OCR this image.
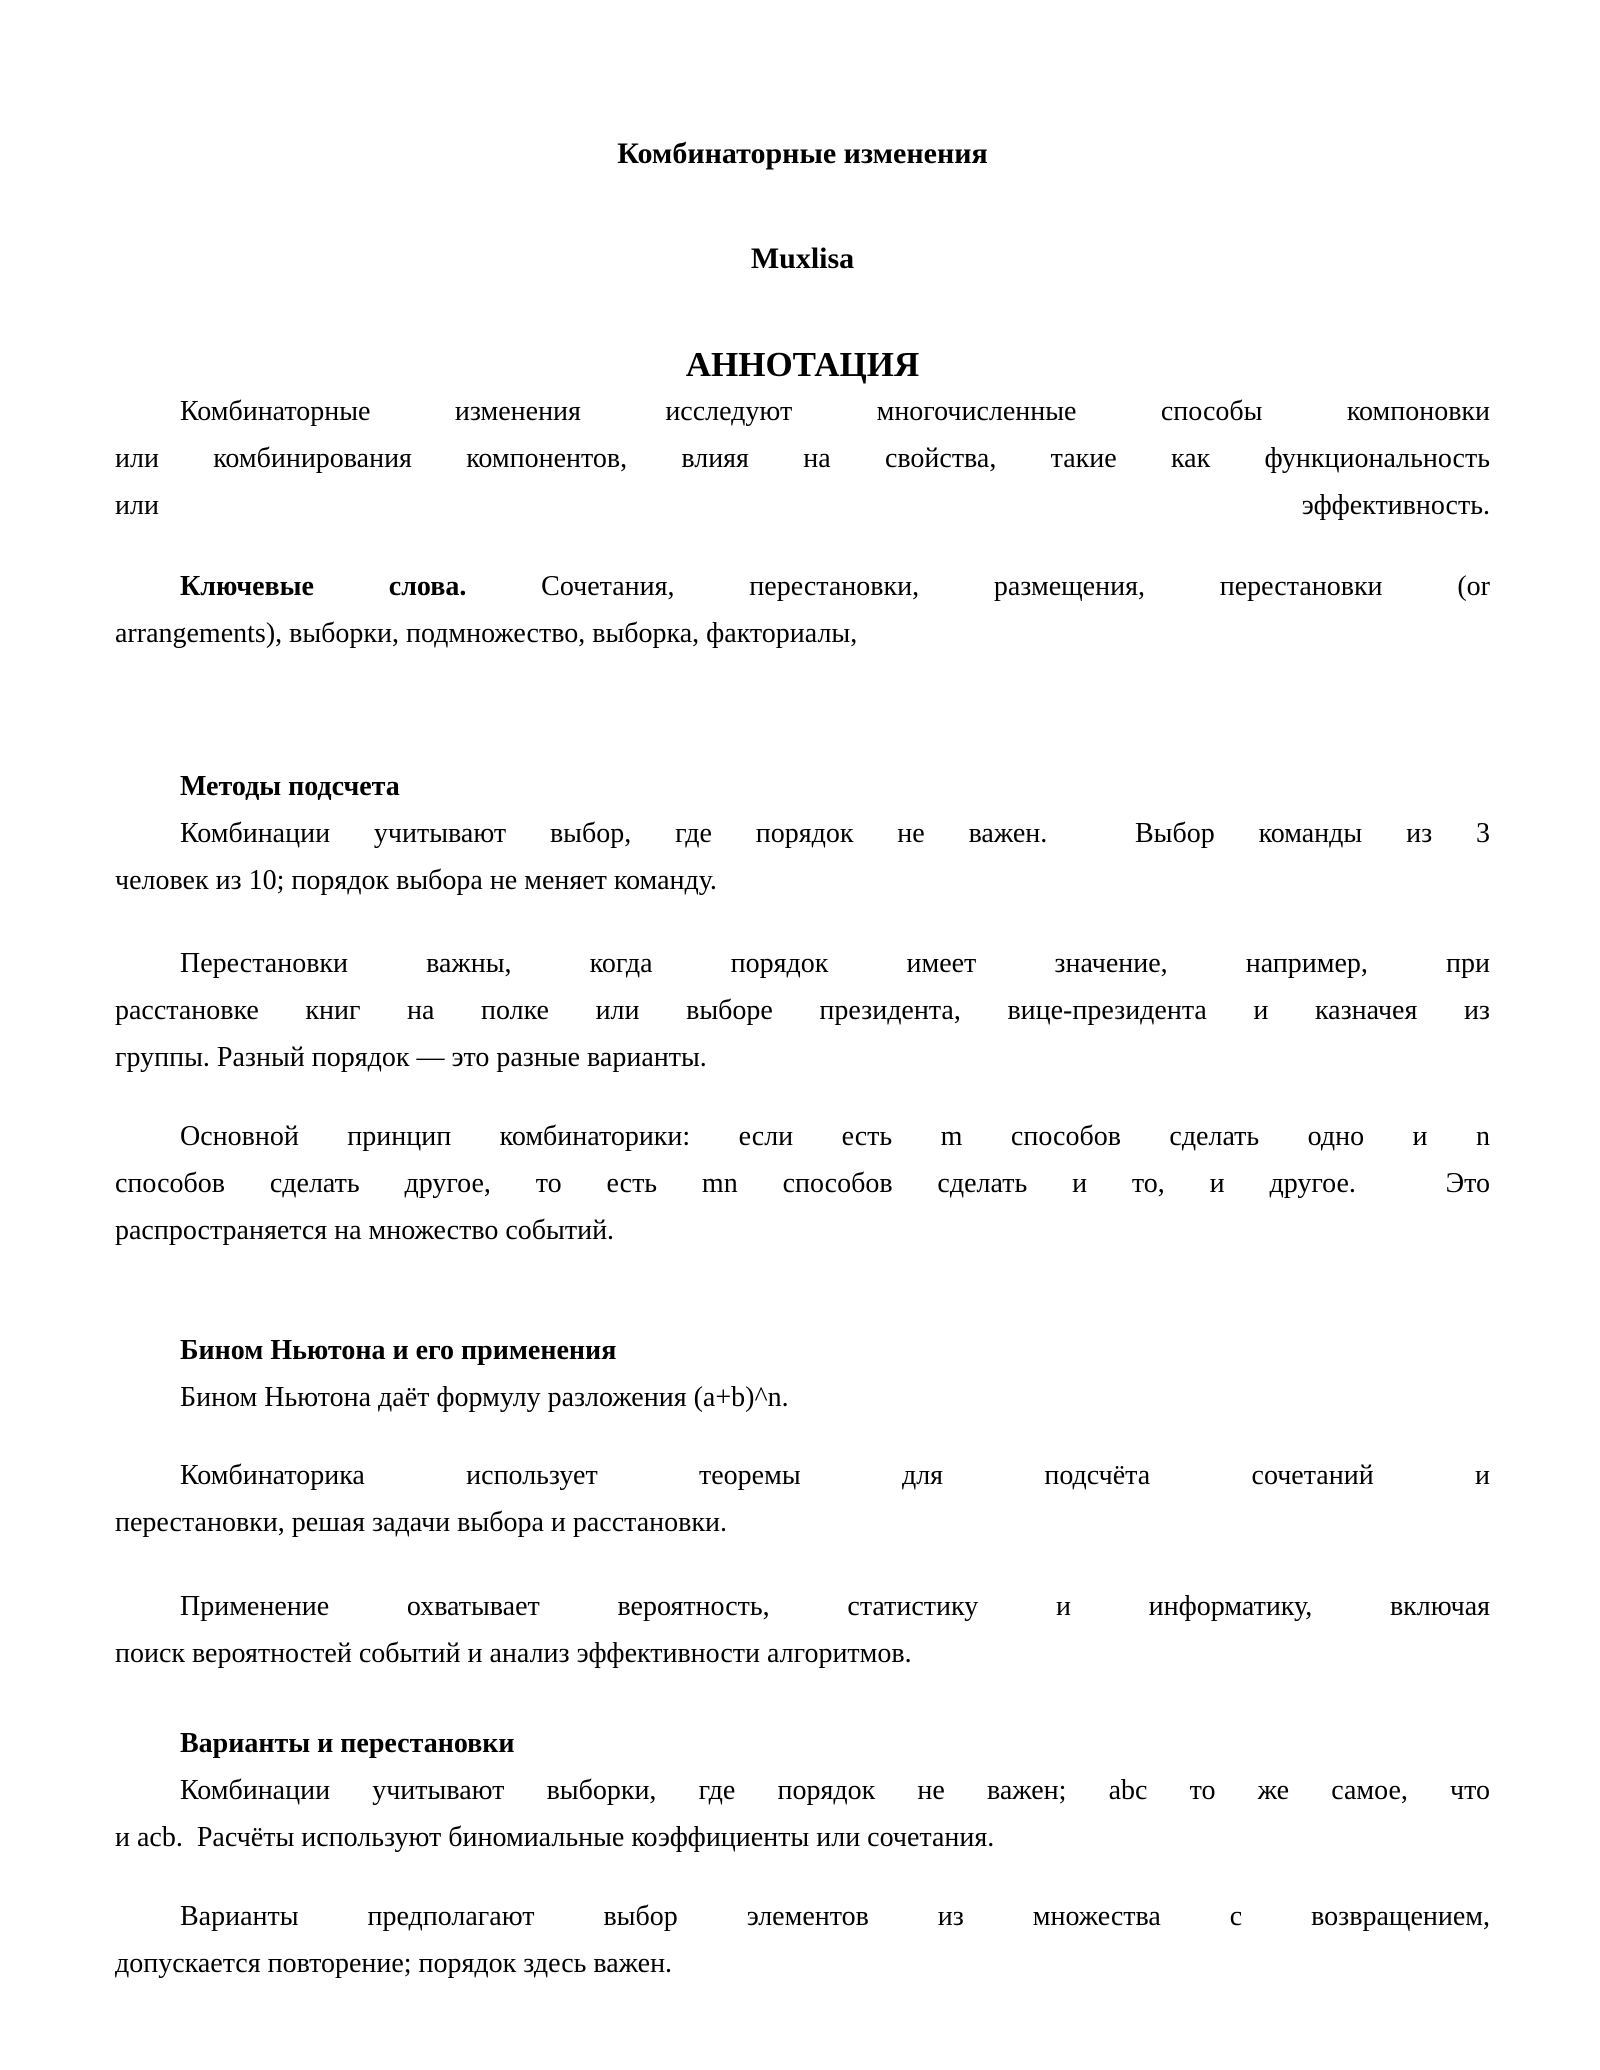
Комбинаторные изменения
Muxlisa
АННОТАЦИЯ
Комбинаторные изменения исследуют многочисленные способы компоновки
или комбинирования компонентов, влияя на свойства, такие как функциональность
или эффективность.
Ключевые слова. Сочетания, перестановки, размещения, перестановки (or
arrangements), выборки, подмножество, выборка, факториалы,
Методы подсчета
Комбинации учитывают выбор, где порядок не важен.  Выбор команды из 3
человек из 10; порядок выбора не меняет команду.
Перестановки важны, когда порядок имеет значение, например, при
расстановке книг на полке или выборе президента, вице-президента и казначея из
группы. Разный порядок — это разные варианты.
Основной принцип комбинаторики: если есть m способов сделать одно и n
способов сделать другое, то есть mn способов сделать и то, и другое.  Это
распространяется на множество событий.
Бином Ньютона и его применения
Бином Ньютона даёт формулу разложения (a+b)^n.
Комбинаторика использует теоремы для подсчёта сочетаний и
перестановки, решая задачи выбора и расстановки.
Применение охватывает вероятность, статистику и информатику, включая
поиск вероятностей событий и анализ эффективности алгоритмов.
Варианты и перестановки
Комбинации учитывают выборки, где порядок не важен; abc то же самое, что
и acb.  Расчёты используют биномиальные коэффициенты или сочетания.
Варианты предполагают выбор элементов из множества с возвращением,
допускается повторение; порядок здесь важен.
